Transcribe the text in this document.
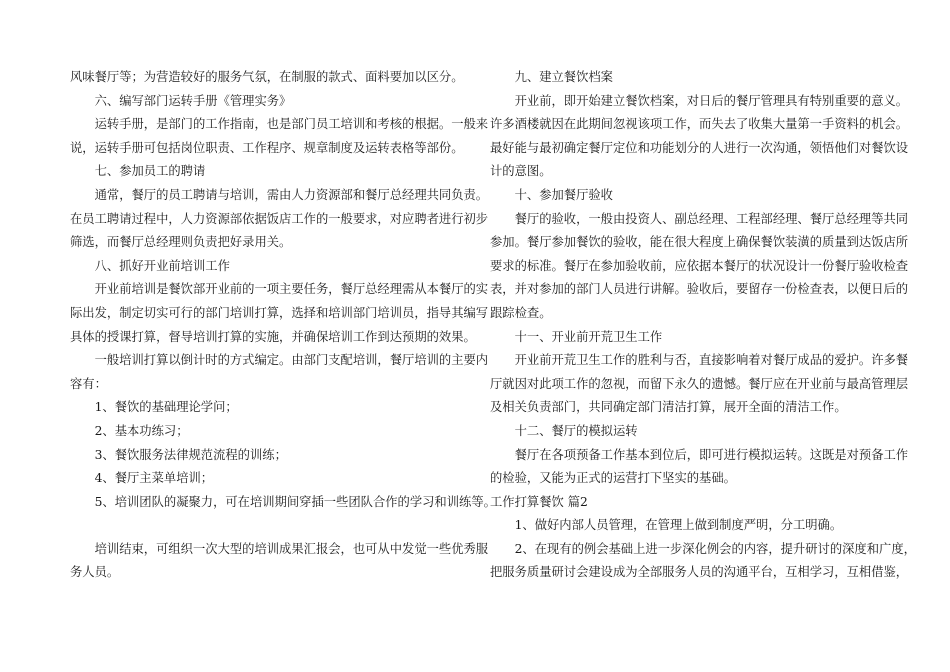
风味餐厅等；为营造较好的服务气氛，在制服的款式、面料要加以区分。

六、编写部门运转手册《管理实务》

运转手册，是部门的工作指南，也是部门员工培训和考核的根据。一般来

说，运转手册可包括岗位职责、工作程序、规章制度及运转表格等部份。

七、参加员工的聘请

通常，餐厅的员工聘请与培训，需由人力资源部和餐厅总经理共同负责。

在员工聘请过程中，人力资源部依据饭店工作的一般要求，对应聘者进行初步

筛选，而餐厅总经理则负责把好录用关。

八、抓好开业前培训工作

开业前培训是餐饮部开业前的一项主要任务，餐厅总经理需从本餐厅的实

际出发，制定切实可行的部门培训打算，选择和培训部门培训员，指导其编写

具体的授课打算，督导培训打算的实施，并确保培训工作到达预期的效果。

一般培训打算以倒计时的方式编定。由部门支配培训，餐厅培训的主要内

容有：

1、餐饮的基础理论学问；

2、基本功练习；

3、餐饮服务法律规范流程的训练；

4、餐厅主菜单培训；

5、培训团队的凝聚力，可在培训期间穿插一些团队合作的学习和训练等。

培训结束，可组织一次大型的培训成果汇报会，也可从中发觉一些优秀服

务人员。

九、建立餐饮档案

开业前，即开始建立餐饮档案，对日后的餐厅管理具有特别重要的意义。

许多酒楼就因在此期间忽视该项工作，而失去了收集大量第一手资料的机会。

最好能与最初确定餐厅定位和功能划分的人进行一次沟通，领悟他们对餐饮设

计的意图。

十、参加餐厅验收

餐厅的验收，一般由投资人、副总经理、工程部经理、餐厅总经理等共同

参加。餐厅参加餐饮的验收，能在很大程度上确保餐饮装潢的质量到达饭店所

要求的标准。餐厅在参加验收前，应依据本餐厅的状况设计一份餐厅验收检查

表，并对参加的部门人员进行讲解。验收后，要留存一份检查表，以便日后的

跟踪检查。

十一、开业前开荒卫生工作

开业前开荒卫生工作的胜利与否，直接影响着对餐厅成品的爱护。许多餐

厅就因对此项工作的忽视，而留下永久的遗憾。餐厅应在开业前与最高管理层

及相关负责部门，共同确定部门清洁打算，展开全面的清洁工作。

十二、餐厅的模拟运转

餐厅在各项预备工作基本到位后，即可进行模拟运转。这既是对预备工作

的检验，又能为正式的运营打下坚实的基础。

工作打算餐饮 篇2

1、做好内部人员管理，在管理上做到制度严明，分工明确。

2、在现有的例会基础上进一步深化例会的内容，提升研讨的深度和广度，

把服务质量研讨会建设成为全部服务人员的沟通平台，互相学习，互相借鉴，
